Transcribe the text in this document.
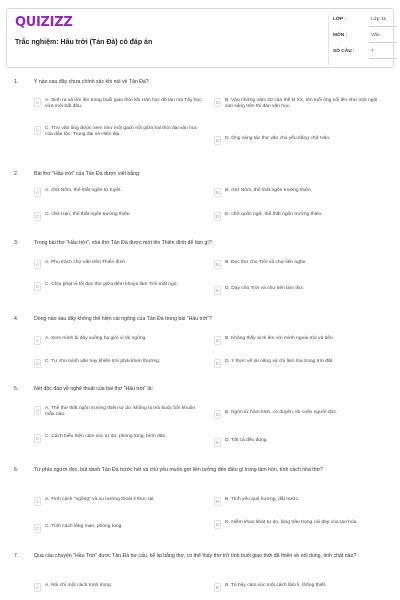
QUIZIZZ
Trắc nghiệm: Hầu trời (Tản Đà) có đáp án
LỚP :	Lớp 11
MÔN :	Văn
SỐ CÂU :	7
1.	Ý nào sau đây chưa chính xác khi nói về Tản Đà?
A	A. Sinh ra và lớn lên trong buổi giao thời khi Hán học đã tàn mà Tây học vừa mới bắt đầu.
B	B. Vào những năm 20 của thế kỉ XX, tên tuổi ông nổi lên như một ngôi sao sáng trên thi đàn văn học.
C	C. Thơ văn ông được xem như một gạch nối giữa hai thời đại văn học của dân tộc: Trung đại và Hiện đại.
D	D. Ông sáng tác thơ văn chủ yếu bằng chữ Hán.
2.	Bài thơ "Hầu trời" của Tản Đà được viết bằng:
A	A. chữ Nôm, thể thất ngôn tứ tuyệt.	B	B. chữ Nôm, thể thất ngôn trường thiên.
C	C. chữ Hán, thể thất ngôn trường thiên.	D	D. chữ quốc ngữ, thể thất ngôn trường thiên.
3.	Trong bài thơ "Hầu trời", nhà thơ Tản Đà được mời lên Thiên đình để làm gì?
A	A. Phụ trách chợ văn trên Thiên đình.	B	B. Đọc thơ cho Trời và chư tiên nghe.
C	C. Chịu phạt vì tội đọc thơ giữa đêm khuya làm Trời mất ngủ.
D	D. Dạy cho Trời và chư tiên làm thơ.
4.	Dòng nào sau đây không thể hiện cái ngông của Tản Đà trong bài "Hầu trời"?
A	A. Xem mình bị đày xuống hạ giới vì tội ngông.	B	B. Không thấy ai tri âm với mình ngoài trời và tiên.
C	C. Tự cho mình văn hay khiến trời phải khen thưởng.	D	D. Ý thức về tài năng và chí làm trai trong trời đất.
5.	Nét độc đáo về nghệ thuật của bài thơ "Hầu trời" là:
A	A. Thể thơ thất ngôn trường thiên tự do, không bị trói buộc bởi khuôn mẫu nào.	B	B. Ngôn từ hóm hỉnh, có duyên, lôi cuốn người đọc.
C	C. Cách biểu hiện cảm xúc tự do, phóng túng, bình dân.
D	D. Tất cả đều đúng.
6.	Từ phía người đọc, bút danh Tản Đà trước hết và chủ yếu muốn gợi liên tưởng đến điều gì trong tâm hồn, tính cách nhà thơ?
A	A. Tính cách "ngông" và xu hướng thoát li thực tại.	B	B. Tình yêu quê hương, đất nước.
C	C. Tính cách lãng mạn, phóng túng.	D	D. Niềm khao khát tự do, lòng trân trọng cái đẹp của tạo hóa.
7.	Qua câu chuyện "Hầu Trời" được Tản Đà hư cấu, kể lại bằng thơ, có thể thấy thơ trữ tình buổi giao thời đã thiên về nội dung, tính chất nào?
A	A. Nói chí một cách trịnh trọng.	B	B. Tỏ bày cảm xúc một cách lâm li, thống thiết.
